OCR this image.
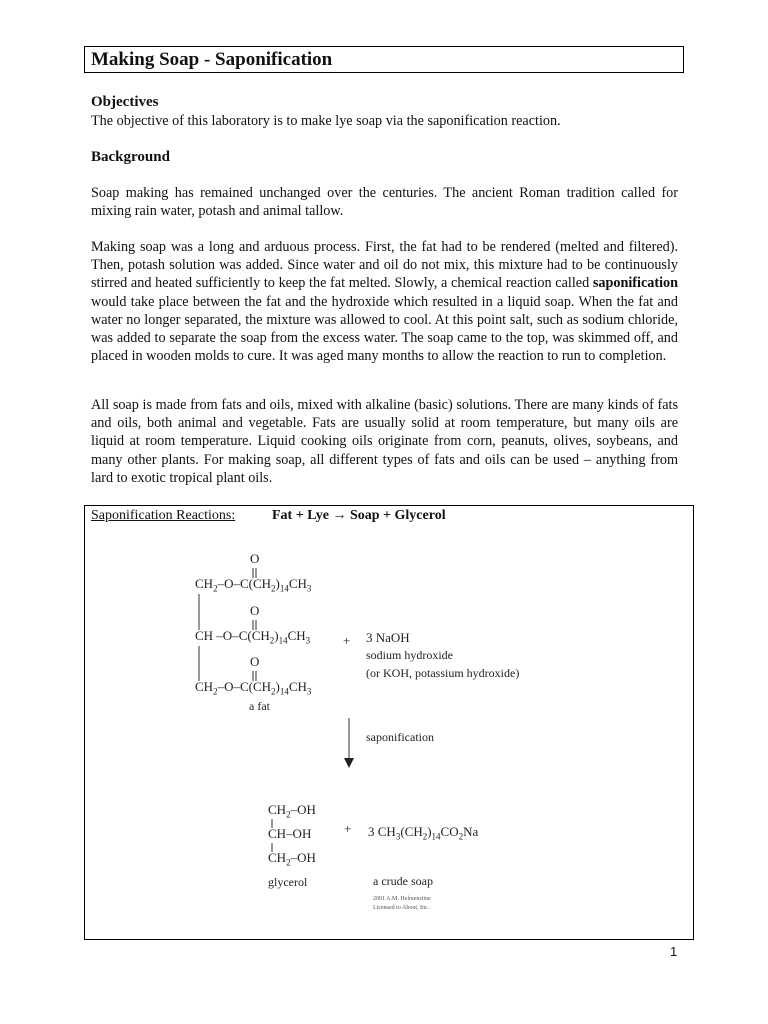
Making Soap - Saponification
Objectives

The objective of this laboratory is to make lye soap via the saponification reaction.

Background

Soap making has remained unchanged over the centuries. The ancient Roman tradition called for mixing rain water, potash and animal tallow.

Making soap was a long and arduous process. First, the fat had to be rendered (melted and filtered). Then, potash solution was added. Since water and oil do not mix, this mixture had to be continuously stirred and heated sufficiently to keep the fat melted. Slowly, a chemical reaction called saponification would take place between the fat and the hydroxide which resulted in a liquid soap. When the fat and water no longer separated, the mixture was allowed to cool. At this point salt, such as sodium chloride, was added to separate the soap from the excess water. The soap came to the top, was skimmed off, and placed in wooden molds to cure. It was aged many months to allow the reaction to run to completion.

All soap is made from fats and oils, mixed with alkaline (basic) solutions. There are many kinds of fats and oils, both animal and vegetable. Fats are usually solid at room temperature, but many oils are liquid at room temperature. Liquid cooking oils originate from corn, peanuts, olives, soybeans, and many other plants. For making soap, all different types of fats and oils can be used – anything from lard to exotic tropical plant oils.

Saponification Reactions:	Fat + Lye → Soap + Glycerol
O
$CH_2-O-C(CH_2)_{14}CH_3$
O
CH $-O-C(CH_2)_{14}CH_3$
O
$CH_2-O-C(CH_2)_{14}CH_3$
a fat
+ 3 NaOH
sodium hydroxide
(or KOH, potassium hydroxide)
saponification
$CH_2-OH$
CH–OH
$CH_2-OH$
glycerol
+ 3 $CH_3(CH_2)_{14}CO_2Na$
a crude soap
2001 A.M. Helmenstine
Licensed to About, Inc.
1
